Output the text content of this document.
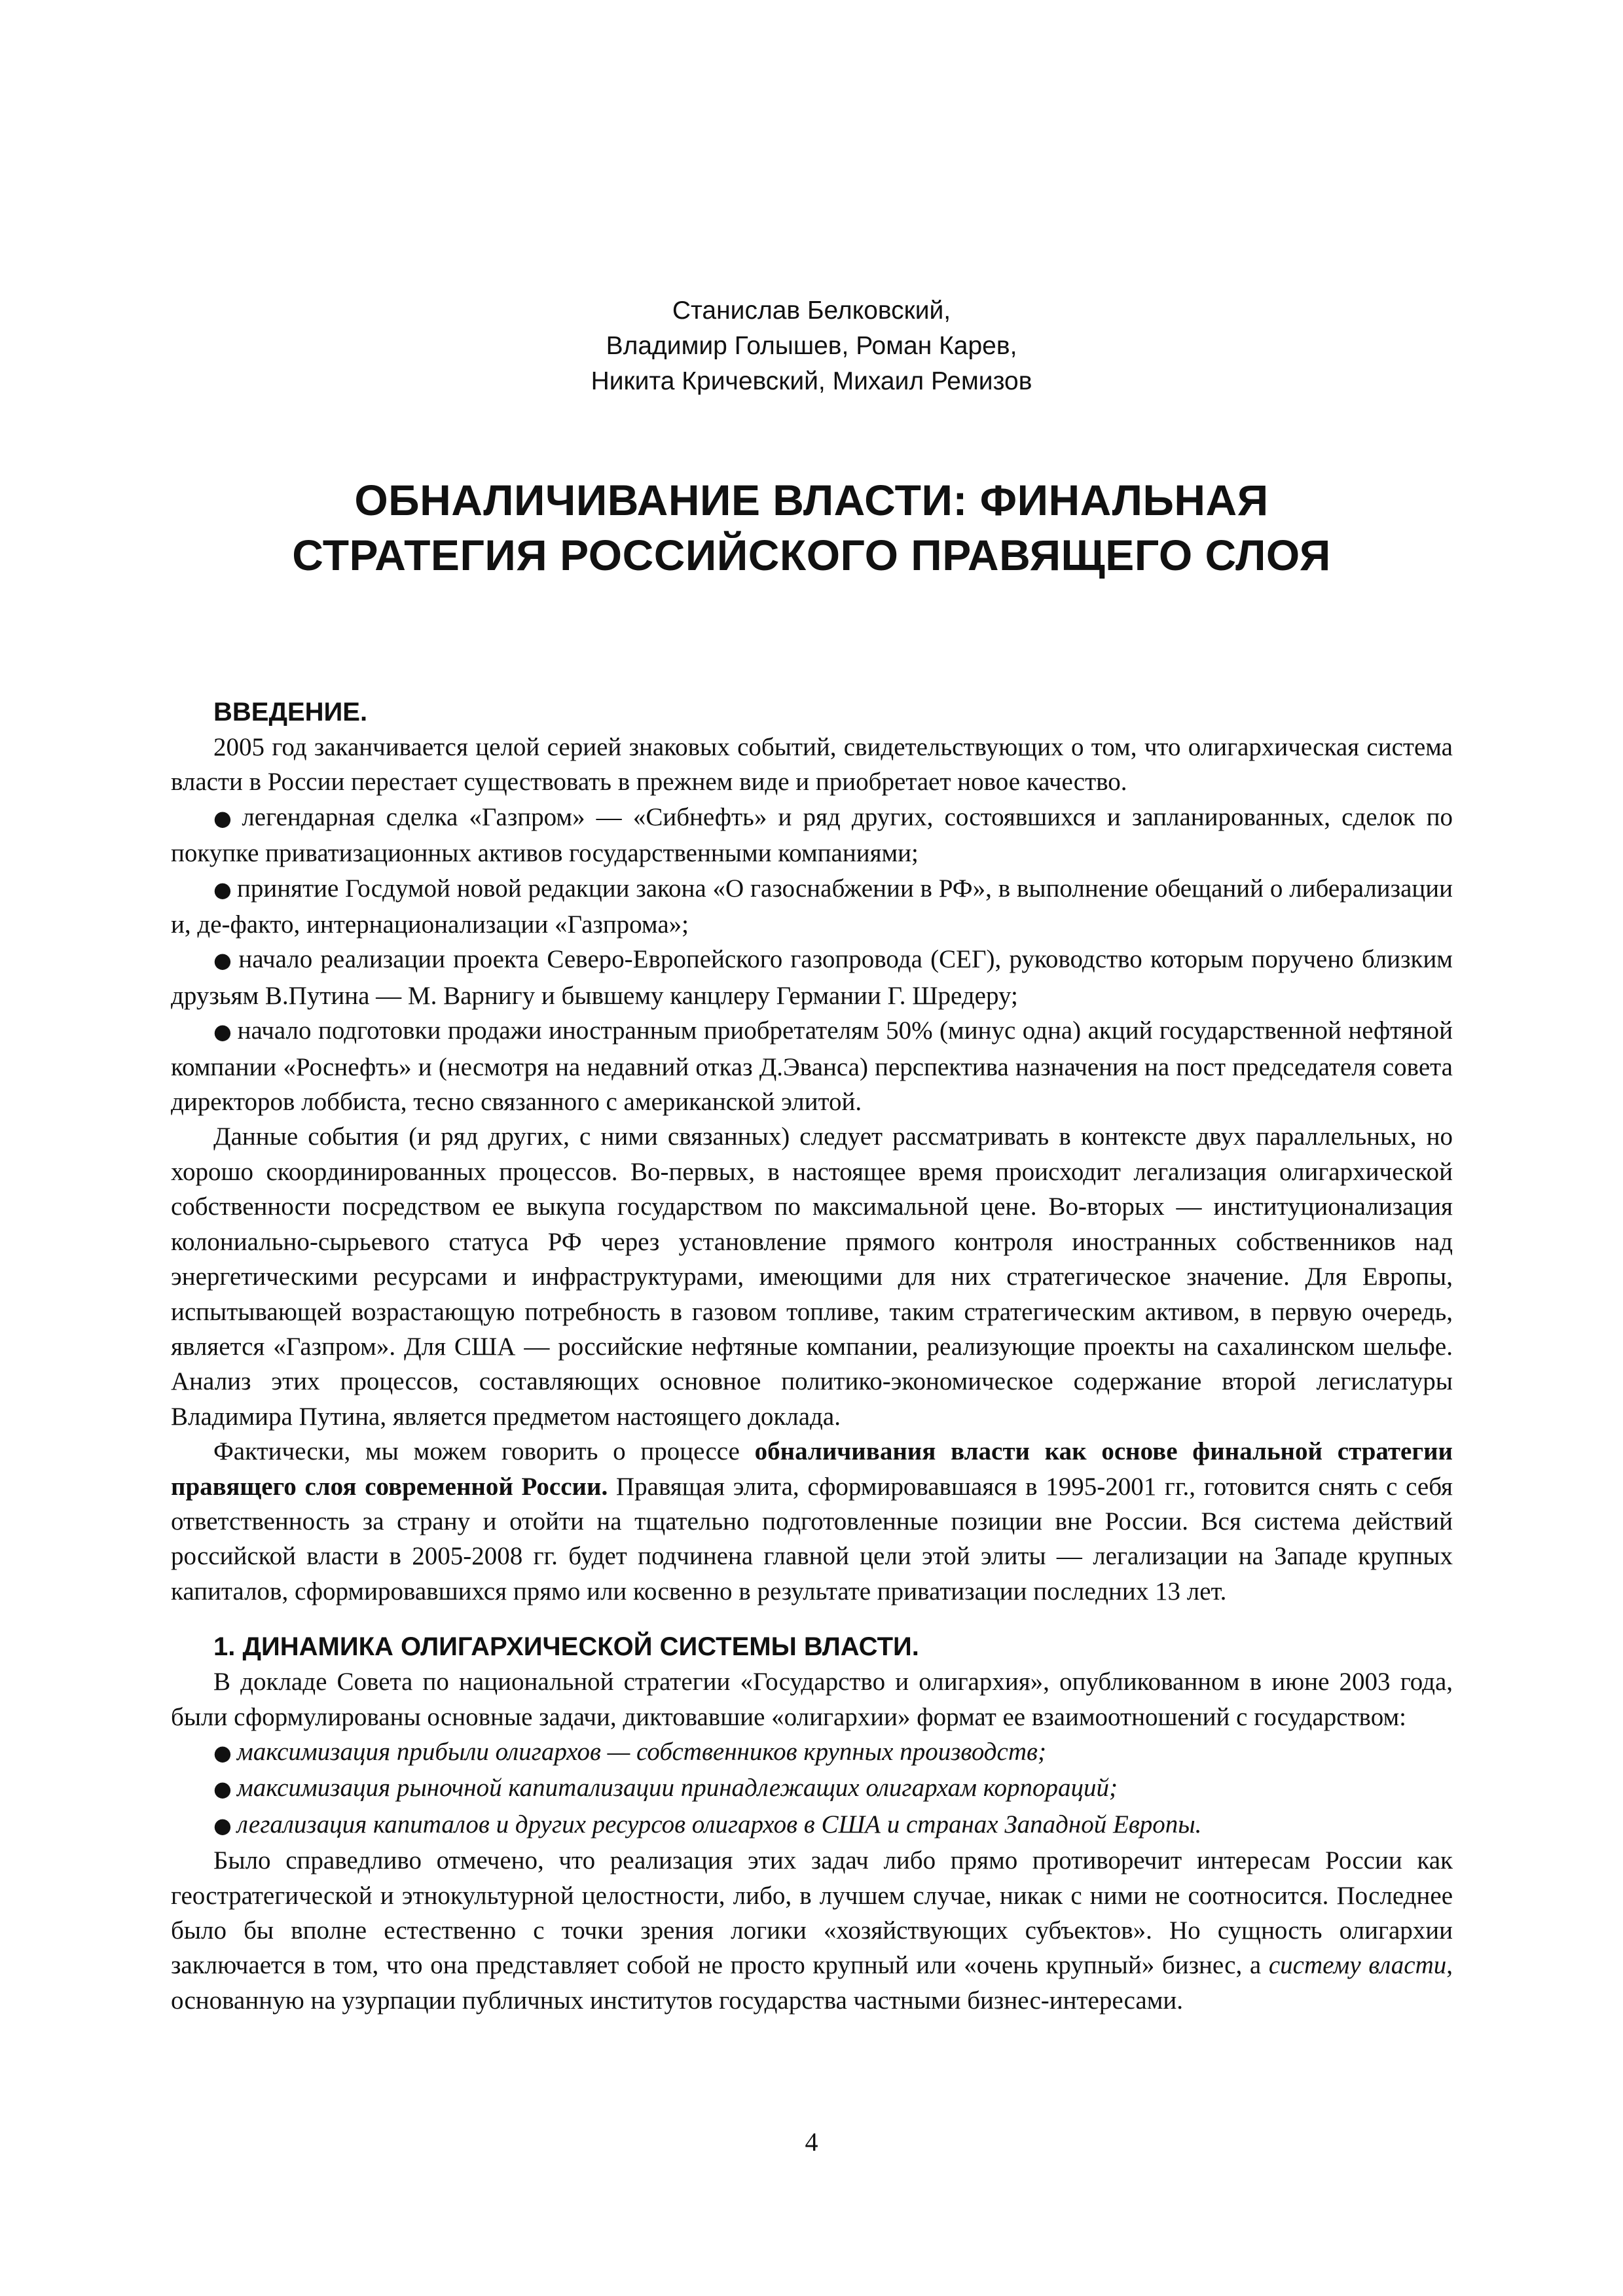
Станислав Белковский,
Владимир Голышев, Роман Карев,
Никита Кричевский, Михаил Ремизов
ОБНАЛИЧИВАНИЕ ВЛАСТИ: ФИНАЛЬНАЯ
СТРАТЕГИЯ РОССИЙСКОГО ПРАВЯЩЕГО СЛОЯ
ВВЕДЕНИЕ.

2005 год заканчивается целой серией знаковых событий, свидетельствующих о том, что олигархическая система власти в России перестает существовать в прежнем виде и приобретает новое качество.

● легендарная сделка «Газпром» — «Сибнефть» и ряд других, состоявшихся и запланированных, сделок по покупке приватизационных активов государственными компаниями;

● принятие Госдумой новой редакции закона «О газоснабжении в РФ», в выполнение обещаний о либерализации и, де-факто, интернационализации «Газпрома»;

● начало реализации проекта Северо-Европейского газопровода (СЕГ), руководство которым поручено близким друзьям В.Путина — М. Варнигу и бывшему канцлеру Германии Г. Шредеру;

● начало подготовки продажи иностранным приобретателям 50% (минус одна) акций государственной нефтяной компании «Роснефть» и (несмотря на недавний отказ Д.Эванса) перспектива назначения на пост председателя совета директоров лоббиста, тесно связанного с американской элитой.

Данные события (и ряд других, с ними связанных) следует рассматривать в контексте двух параллельных, но хорошо скоординированных процессов. Во-первых, в настоящее время происходит легализация олигархической собственности посредством ее выкупа государством по максимальной цене. Во-вторых — институционализация колониально-сырьевого статуса РФ через установление прямого контроля иностранных собственников над энергетическими ресурсами и инфраструктурами, имеющими для них стратегическое значение. Для Европы, испытывающей возрастающую потребность в газовом топливе, таким стратегическим активом, в первую очередь, является «Газпром». Для США — российские нефтяные компании, реализующие проекты на сахалинском шельфе. Анализ этих процессов, составляющих основное политико-экономическое содержание второй легислатуры Владимира Путина, является предметом настоящего доклада.

Фактически, мы можем говорить о процессе обналичивания власти как основе финальной стратегии правящего слоя современной России. Правящая элита, сформировавшаяся в 1995-2001 гг., готовится снять с себя ответственность за страну и отойти на тщательно подготовленные позиции вне России. Вся система действий российской власти в 2005-2008 гг. будет подчинена главной цели этой элиты — легализации на Западе крупных капиталов, сформировавшихся прямо или косвенно в результате приватизации последних 13 лет.

1. ДИНАМИКА ОЛИГАРХИЧЕСКОЙ СИСТЕМЫ ВЛАСТИ.

В докладе Совета по национальной стратегии «Государство и олигархия», опубликованном в июне 2003 года, были сформулированы основные задачи, диктовавшие «олигархии» формат ее взаимоотношений с государством:

● максимизация прибыли олигархов — собственников крупных производств;

● максимизация рыночной капитализации принадлежащих олигархам корпораций;

● легализация капиталов и других ресурсов олигархов в США и странах Западной Европы.

Было справедливо отмечено, что реализация этих задач либо прямо противоречит интересам России как геостратегической и этнокультурной целостности, либо, в лучшем случае, никак с ними не соотносится. Последнее было бы вполне естественно с точки зрения логики «хозяйствующих субъектов». Но сущность олигархии заключается в том, что она представляет собой не просто крупный или «очень крупный» бизнес, а систему власти, основанную на узурпации публичных институтов государства частными бизнес-интересами.

4
